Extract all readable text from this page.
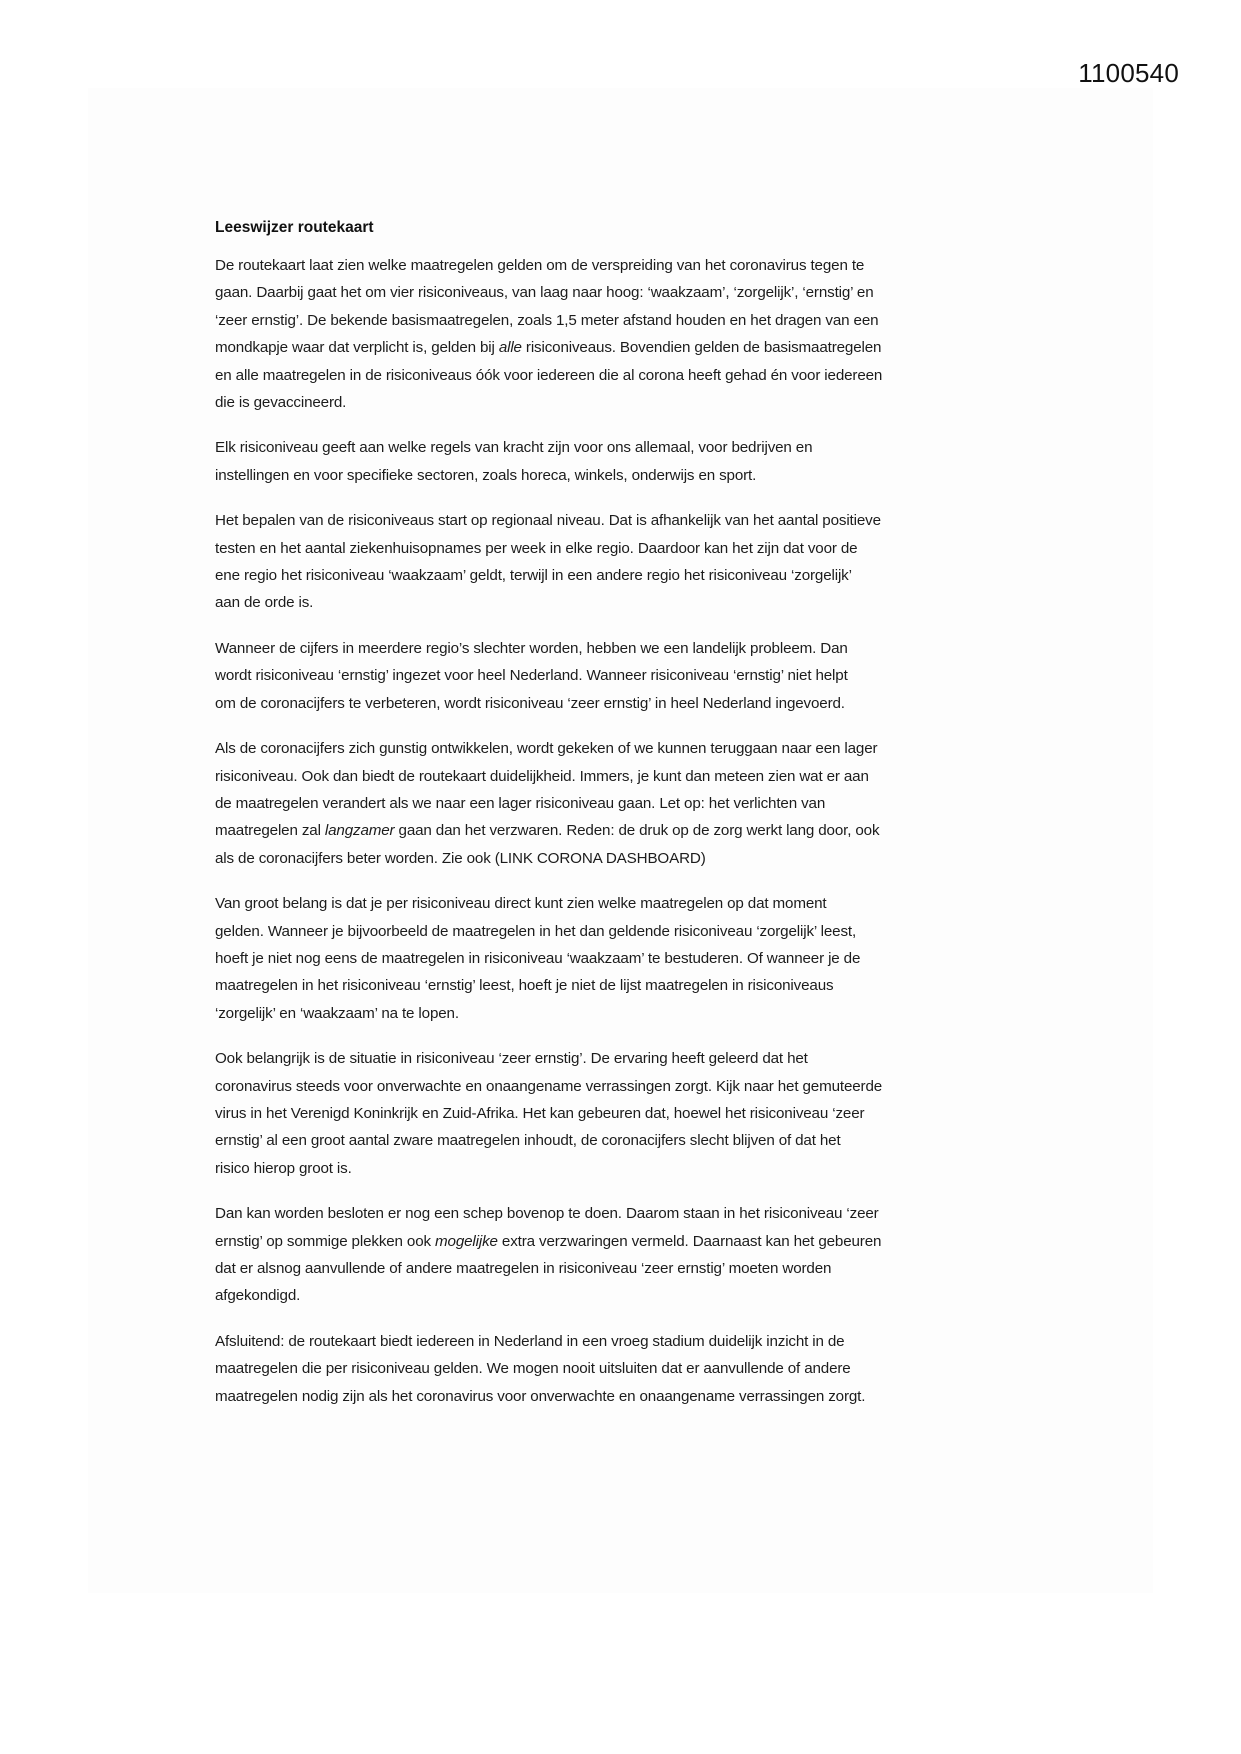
1100540
Leeswijzer routekaart
De routekaart laat zien welke maatregelen gelden om de verspreiding van het coronavirus tegen te
gaan. Daarbij gaat het om vier risiconiveaus, van laag naar hoog: ‘waakzaam’, ‘zorgelijk’, ‘ernstig’ en
‘zeer ernstig’. De bekende basismaatregelen, zoals 1,5 meter afstand houden en het dragen van een
mondkapje waar dat verplicht is, gelden bij alle risiconiveaus. Bovendien gelden de basismaatregelen
en alle maatregelen in de risiconiveaus óók voor iedereen die al corona heeft gehad én voor iedereen
die is gevaccineerd.
Elk risiconiveau geeft aan welke regels van kracht zijn voor ons allemaal, voor bedrijven en
instellingen en voor specifieke sectoren, zoals horeca, winkels, onderwijs en sport.
Het bepalen van de risiconiveaus start op regionaal niveau. Dat is afhankelijk van het aantal positieve
testen en het aantal ziekenhuisopnames per week in elke regio. Daardoor kan het zijn dat voor de
ene regio het risiconiveau ‘waakzaam’ geldt, terwijl in een andere regio het risiconiveau ‘zorgelijk’
aan de orde is.
Wanneer de cijfers in meerdere regio’s slechter worden, hebben we een landelijk probleem. Dan
wordt risiconiveau ‘ernstig’ ingezet voor heel Nederland. Wanneer risiconiveau ‘ernstig’ niet helpt
om de coronacijfers te verbeteren, wordt risiconiveau ‘zeer ernstig’ in heel Nederland ingevoerd.
Als de coronacijfers zich gunstig ontwikkelen, wordt gekeken of we kunnen teruggaan naar een lager
risiconiveau. Ook dan biedt de routekaart duidelijkheid. Immers, je kunt dan meteen zien wat er aan
de maatregelen verandert als we naar een lager risiconiveau gaan. Let op: het verlichten van
maatregelen zal langzamer gaan dan het verzwaren. Reden: de druk op de zorg werkt lang door, ook
als de coronacijfers beter worden. Zie ook (LINK CORONA DASHBOARD)
Van groot belang is dat je per risiconiveau direct kunt zien welke maatregelen op dat moment
gelden. Wanneer je bijvoorbeeld de maatregelen in het dan geldende risiconiveau ‘zorgelijk’ leest,
hoeft je niet nog eens de maatregelen in risiconiveau ‘waakzaam’ te bestuderen. Of wanneer je de
maatregelen in het risiconiveau ‘ernstig’ leest, hoeft je niet de lijst maatregelen in risiconiveaus
‘zorgelijk’ en ‘waakzaam’ na te lopen.
Ook belangrijk is de situatie in risiconiveau ‘zeer ernstig’. De ervaring heeft geleerd dat het
coronavirus steeds voor onverwachte en onaangename verrassingen zorgt. Kijk naar het gemuteerde
virus in het Verenigd Koninkrijk en Zuid-Afrika. Het kan gebeuren dat, hoewel het risiconiveau ‘zeer
ernstig’ al een groot aantal zware maatregelen inhoudt, de coronacijfers slecht blijven of dat het
risico hierop groot is.
Dan kan worden besloten er nog een schep bovenop te doen. Daarom staan in het risiconiveau ‘zeer
ernstig’ op sommige plekken ook mogelijke extra verzwaringen vermeld. Daarnaast kan het gebeuren
dat er alsnog aanvullende of andere maatregelen in risiconiveau ‘zeer ernstig’ moeten worden
afgekondigd.
Afsluitend: de routekaart biedt iedereen in Nederland in een vroeg stadium duidelijk inzicht in de
maatregelen die per risiconiveau gelden. We mogen nooit uitsluiten dat er aanvullende of andere
maatregelen nodig zijn als het coronavirus voor onverwachte en onaangename verrassingen zorgt.
